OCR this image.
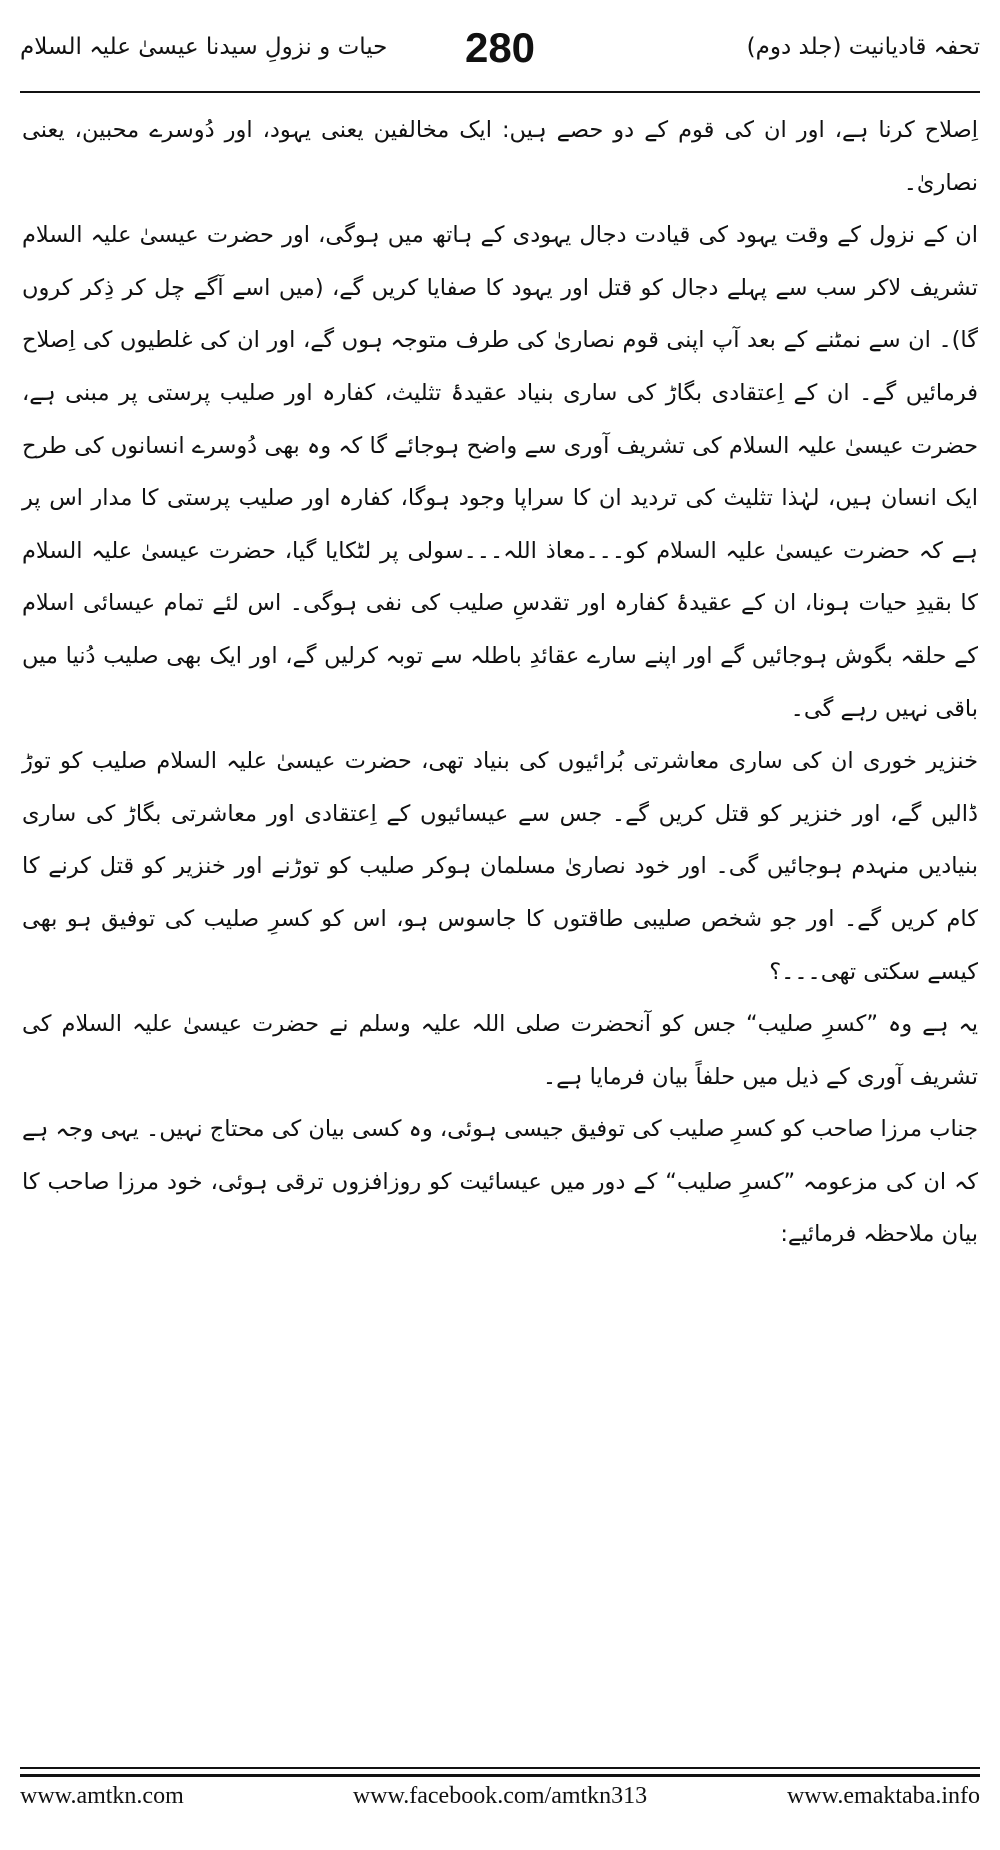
تحفہ قادیانیت (جلد دوم)
280
حیات و نزولِ سیدنا عیسیٰ علیہ السلام

اِصلاح کرنا ہے، اور ان کی قوم کے دو حصے ہیں: ایک مخالفین یعنی یہود، اور دُوسرے محبین، یعنی نصاریٰ۔

ان کے نزول کے وقت یہود کی قیادت دجال یہودی کے ہاتھ میں ہوگی، اور حضرت عیسیٰ علیہ السلام تشریف لاکر سب سے پہلے دجال کو قتل اور یہود کا صفایا کریں گے، (میں اسے آگے چل کر ذِکر کروں گا)۔ ان سے نمٹنے کے بعد آپ اپنی قوم نصاریٰ کی طرف متوجہ ہوں گے، اور ان کی غلطیوں کی اِصلاح فرمائیں گے۔ ان کے اِعتقادی بگاڑ کی ساری بنیاد عقیدۂ تثلیث، کفارہ اور صلیب پرستی پر مبنی ہے، حضرت عیسیٰ علیہ السلام کی تشریف آوری سے واضح ہوجائے گا کہ وہ بھی دُوسرے انسانوں کی طرح ایک انسان ہیں، لہٰذا تثلیث کی تردید ان کا سراپا وجود ہوگا، کفارہ اور صلیب پرستی کا مدار اس پر ہے کہ حضرت عیسیٰ علیہ السلام کو۔۔۔معاذ اللہ۔۔۔سولی پر لٹکایا گیا، حضرت عیسیٰ علیہ السلام کا بقیدِ حیات ہونا، ان کے عقیدۂ کفارہ اور تقدسِ صلیب کی نفی ہوگی۔ اس لئے تمام عیسائی اسلام کے حلقہ بگوش ہوجائیں گے اور اپنے سارے عقائدِ باطلہ سے توبہ کرلیں گے، اور ایک بھی صلیب دُنیا میں باقی نہیں رہے گی۔

خنزیر خوری ان کی ساری معاشرتی بُرائیوں کی بنیاد تھی، حضرت عیسیٰ علیہ السلام صلیب کو توڑ ڈالیں گے، اور خنزیر کو قتل کریں گے۔ جس سے عیسائیوں کے اِعتقادی اور معاشرتی بگاڑ کی ساری بنیادیں منہدم ہوجائیں گی۔ اور خود نصاریٰ مسلمان ہوکر صلیب کو توڑنے اور خنزیر کو قتل کرنے کا کام کریں گے۔ اور جو شخص صلیبی طاقتوں کا جاسوس ہو، اس کو کسرِ صلیب کی توفیق ہو بھی کیسے سکتی تھی۔۔۔؟

یہ ہے وہ ”کسرِ صلیب“ جس کو آنحضرت صلی اللہ علیہ وسلم نے حضرت عیسیٰ علیہ السلام کی تشریف آوری کے ذیل میں حلفاً بیان فرمایا ہے۔

جناب مرزا صاحب کو کسرِ صلیب کی توفیق جیسی ہوئی، وہ کسی بیان کی محتاج نہیں۔ یہی وجہ ہے کہ ان کی مزعومہ ”کسرِ صلیب“ کے دور میں عیسائیت کو روزافزوں ترقی ہوئی، خود مرزا صاحب کا بیان ملاحظہ فرمائیے:

www.amtkn.com	www.facebook.com/amtkn313	www.emaktaba.info
